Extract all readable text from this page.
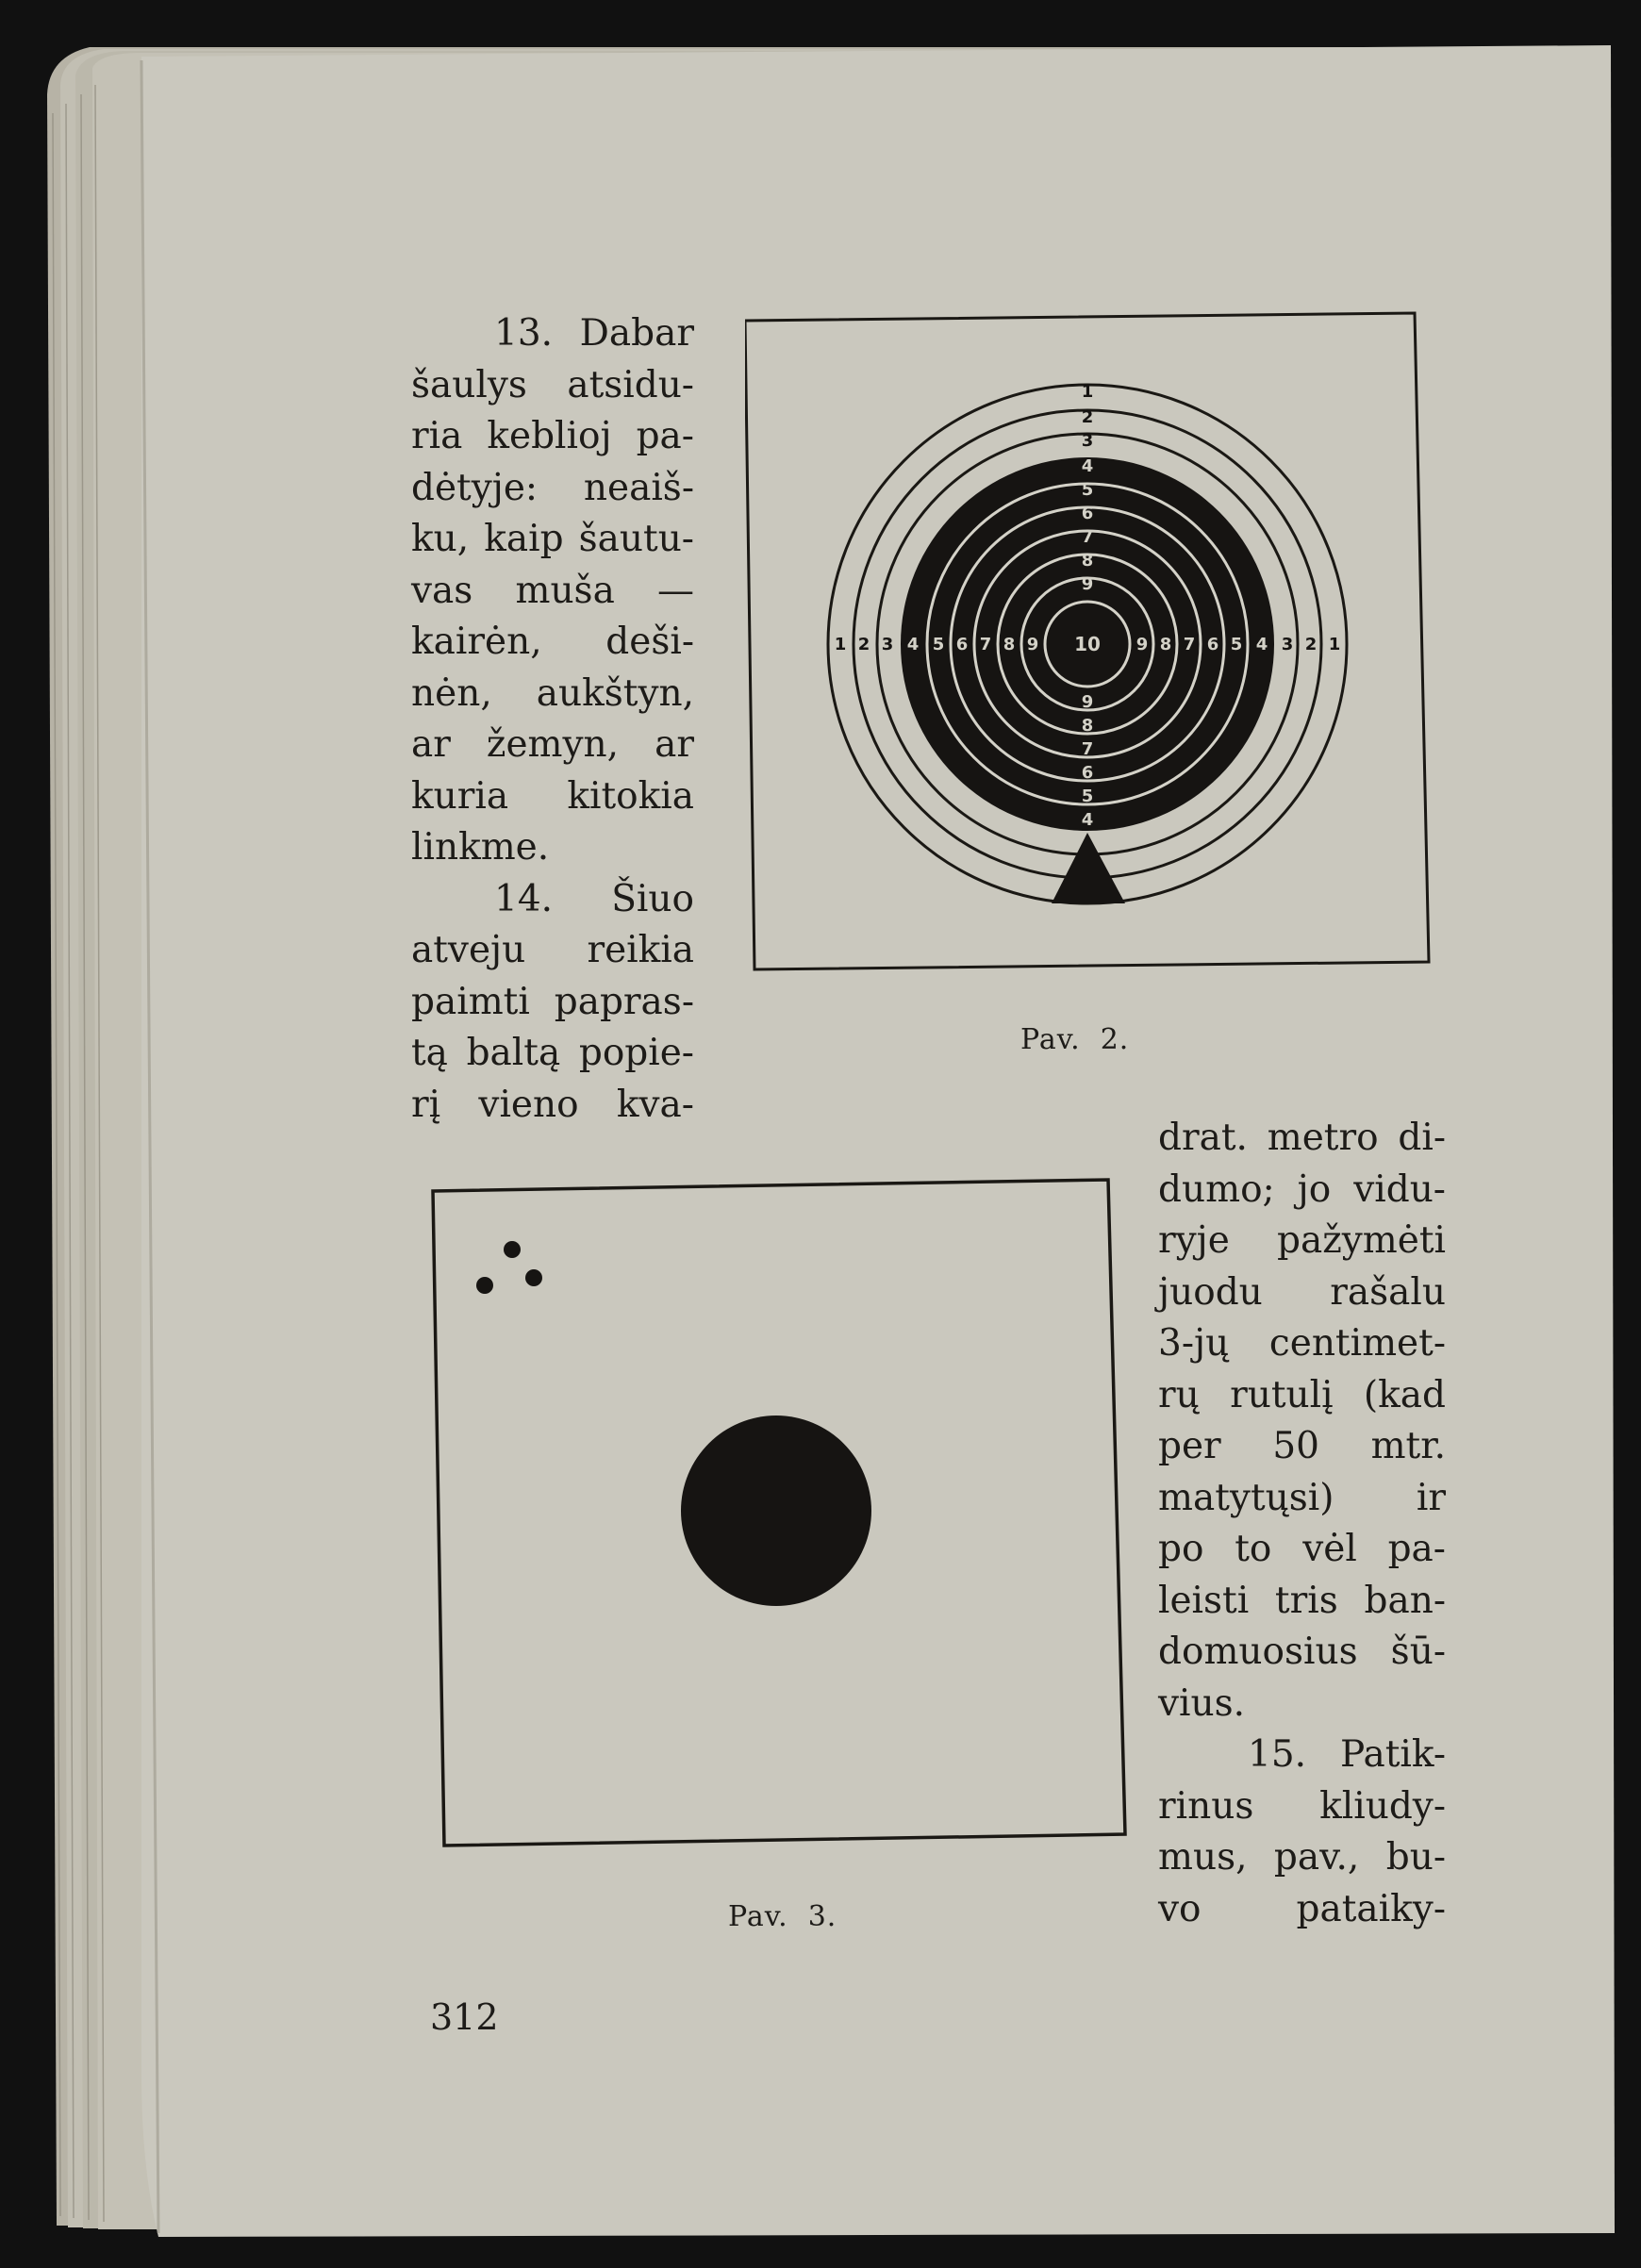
13. Dabar
šaulys atsidu-
ria keblioj pa-
dėtyje: neaiš-
ku, kaip šautu-
vas muša —
kairėn, deši-
nėn, aukštyn,
ar žemyn, ar
kuria kitokia
linkme.
14. Šiuo
atveju reikia
paimti papras-
tą baltą popie-
rį vieno kva-
1
2
3
4
5
6
7
8
9
10
9
8
7
6
5
4
1 2 3 4 5 6 7 8 9	9 8 7 6 5 4 3 2 1
Pav.  2.
Pav.  3.
drat. metro di-
dumo; jo vidu-
ryje pažymėti
juodu rašalu
3-jų centimet-
rų rutulį (kad
per 50 mtr.
matytųsi) ir
po to vėl pa-
leisti tris ban-
domuosius šū-
vius.
15. Patik-
rinus kliudy-
mus, pav., bu-
vo pataiky-
312
